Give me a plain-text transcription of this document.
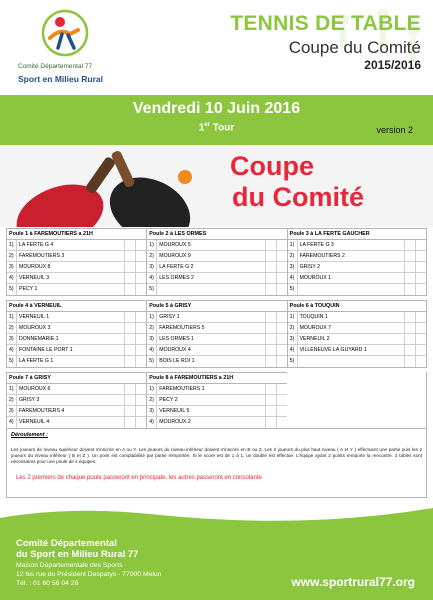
Comité Départemental 77
Sport en Milieu Rural
TENNIS DE TABLE
Coupe du Comité
2015/2016
Vendredi 10 Juin 2016
1er Tour	version 2
Coupe
du Comité
Poule 1 à FAREMOUTIERS a 21H
1)	LA FERTE G 4
2)	FAREMOUTIERS 3
3)	MOUROUX 8
4)	VERNEUIL 3
5)	PECY 1
Poule 2 à LES ORMES
1)	MOUROUX 5
2)	MOUROUX 9
3)	LA FERTE G 2
4)	LES ORMES 2
5)
Poule 3 à LA FERTE GAUCHER
1)	LA FERTE G 3
2)	FAREMOUTIERS 2
3)	GRISY 2
4)	MOUROUX 1
5)
Poule 4 à VERNEUIL
1)	VERNEUIL 1
2)	MOUROUX 3
3)	DONNEMARIE 1
4)	FONTAINE LE PORT 1
5)	LA FERTE G 1
Poule 5 à GRISY
1)	GRISY 1
2)	FAREMOUTIERS 5
3)	LES ORMES 1
4)	MOUROUX 4
5)	BOIS LE ROI 1
Poule 6 à TOUQUIN
1)	TOUQUIN 1
2)	MOUROUX 7
3)	VERNEUIL 2
4)	VILLENEUVE LA GUYARD 1
5)
Poule 7 à GRISY
1)	MOUROUX 6
2)	GRISY 3
3)	FAREMOUTIERS 4
4)	VERNEUIL 4
Poule 8 à FAREMOUTIERS a 21H
1)	FAREMOUTIERS 1
2)	PECY 2
3)	VERNEUIL 5
4)	MOUROUX 2
Déroulement :
Les joueurs de niveau supérieur doivent s'inscrire en A ou Y. Les joueurs du niveau inférieur doivent s'inscrire en B ou Z. Les 2 joueurs du plus haut niveau ( A et Y ) effectuent une partie puis les 2 joueurs du niveau inférieur ( B et Z ). Un point est comptabilisé par partie remportée. Si le score est de 1 à 1, un double est effectué. L'équipe ayant 2 points remporte la rencontre. 2 tables sont nécessaires pour une poule de 4 équipes.
Les 2 premiers de chaque poule passeront en principale, les autres passeront en consolante
Comité Départemental
du Sport en Milieu Rural 77
Maison Départementale des Sports
12 bis rue du Président Despatys - 77000 Melun
Tél. : 01 60 56 04 26	www.sportrural77.org
